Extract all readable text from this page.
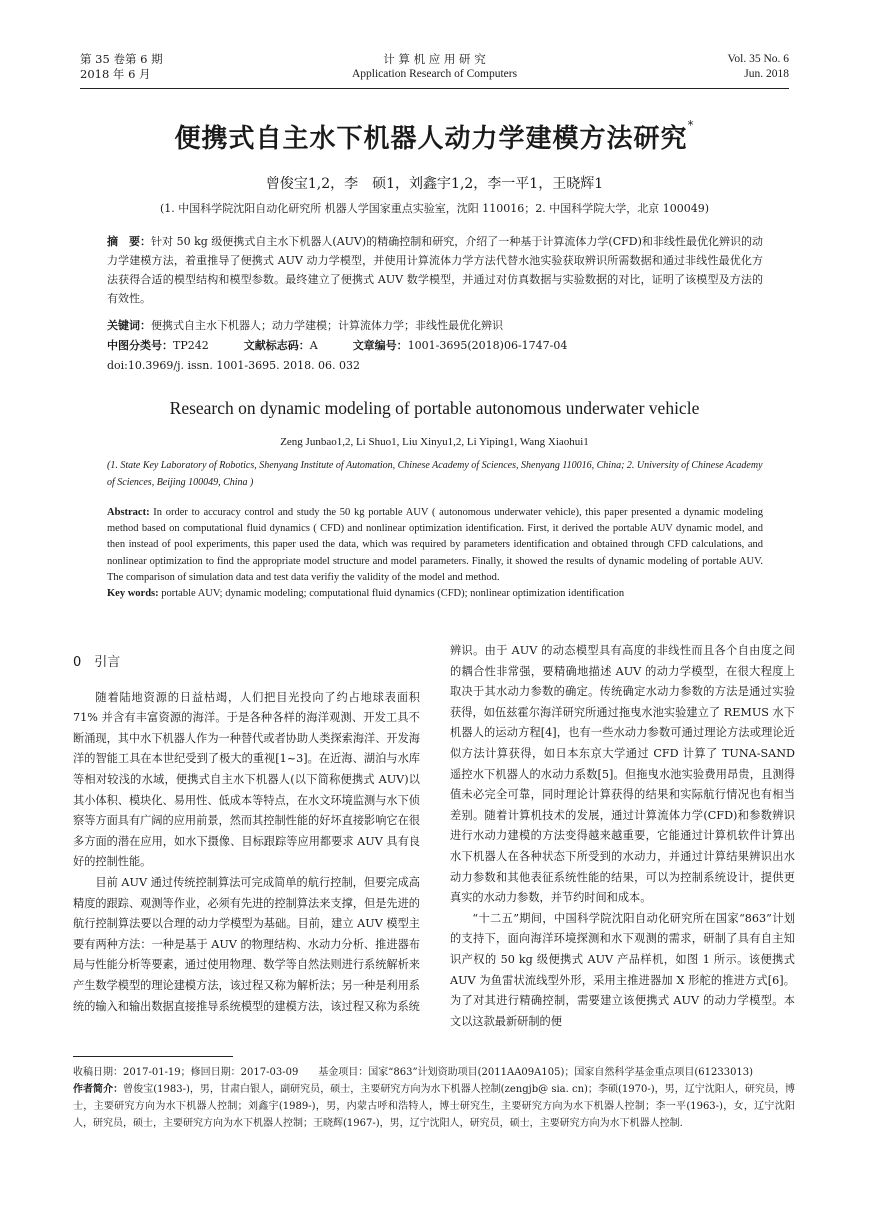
第 35 卷第 6 期
2018 年 6 月
计 算 机 应 用 研 究
Application Research of Computers
Vol. 35 No. 6
Jun. 2018
便携式自主水下机器人动力学建模方法研究*
曾俊宝1,2，李　硕1，刘鑫宇1,2，李一平1，王晓辉1
(1. 中国科学院沈阳自动化研究所 机器人学国家重点实验室，沈阳 110016；2. 中国科学院大学，北京 100049)
摘　要：针对 50 kg 级便携式自主水下机器人(AUV)的精确控制和研究，介绍了一种基于计算流体力学(CFD)和非线性最优化辨识的动力学建模方法，着重推导了便携式 AUV 动力学模型，并使用计算流体力学方法代替水池实验获取辨识所需数据和通过非线性最优化方法获得合适的模型结构和模型参数。最终建立了便携式 AUV 数学模型，并通过对仿真数据与实验数据的对比，证明了该模型及方法的有效性。
关键词：便携式自主水下机器人；动力学建模；计算流体力学；非线性最优化辨识
中图分类号：TP242	文献标志码：A	文章编号：1001-3695(2018)06-1747-04
doi:10.3969/j. issn. 1001-3695. 2018. 06. 032
Research on dynamic modeling of portable autonomous underwater vehicle
Zeng Junbao1,2, Li Shuo1, Liu Xinyu1,2, Li Yiping1, Wang Xiaohui1
(1. State Key Laboratory of Robotics, Shenyang Institute of Automation, Chinese Academy of Sciences, Shenyang 110016, China; 2. University of Chinese Academy of Sciences, Beijing 100049, China )
Abstract: In order to accuracy control and study the 50 kg portable AUV ( autonomous underwater vehicle), this paper presented a dynamic modeling method based on computational fluid dynamics ( CFD) and nonlinear optimization identification. First, it derived the portable AUV dynamic model, and then instead of pool experiments, this paper used the data, which was required by parameters identification and obtained through CFD calculations, and nonlinear optimization to find the appropriate model structure and model parameters. Finally, it showed the results of dynamic modeling of portable AUV. The comparison of simulation data and test data verifiy the validity of the model and method.
Key words: portable AUV; dynamic modeling; computational fluid dynamics (CFD); nonlinear optimization identification

0　引言

随着陆地资源的日益枯竭，人们把目光投向了约占地球表面积 71% 并含有丰富资源的海洋。于是各种各样的海洋观测、开发工具不断涌现，其中水下机器人作为一种替代或者协助人类探索海洋、开发海洋的智能工具在本世纪受到了极大的重视[1~3]。在近海、湖泊与水库等相对较浅的水域，便携式自主水下机器人(以下简称便携式 AUV)以其小体积、模块化、易用性、低成本等特点，在水文环境监测与水下侦察等方面具有广阔的应用前景，然而其控制性能的好坏直接影响它在很多方面的潜在应用，如水下摄像、目标跟踪等应用都要求 AUV 具有良好的控制性能。

目前 AUV 通过传统控制算法可完成简单的航行控制，但要完成高精度的跟踪、观测等作业，必须有先进的控制算法来支撑，但是先进的航行控制算法要以合理的动力学模型为基础。目前，建立 AUV 模型主要有两种方法：一种是基于 AUV 的物理结构、水动力分析、推进器布局与性能分析等要素，通过使用物理、数学等自然法则进行系统解析来产生数学模型的理论建模方法，该过程又称为解析法；另一种是利用系统的输入和输出数据直接推导系统模型的建模方法，该过程又称为系统

辨识。由于 AUV 的动态模型具有高度的非线性而且各个自由度之间的耦合性非常强，要精确地描述 AUV 的动力学模型，在很大程度上取决于其水动力参数的确定。传统确定水动力参数的方法是通过实验获得，如伍兹霍尔海洋研究所通过拖曳水池实验建立了 REMUS 水下机器人的运动方程[4]，也有一些水动力参数可通过理论方法或理论近似方法计算获得，如日本东京大学通过 CFD 计算了 TUNA-SAND 遥控水下机器人的水动力系数[5]。但拖曳水池实验费用昂贵，且测得值未必完全可靠，同时理论计算获得的结果和实际航行情况也有相当差别。随着计算机技术的发展，通过计算流体力学(CFD)和参数辨识进行水动力建模的方法变得越来越重要，它能通过计算机软件计算出水下机器人在各种状态下所受到的水动力，并通过计算结果辨识出水动力参数和其他表征系统性能的结果，可以为控制系统设计，提供更真实的水动力参数，并节约时间和成本。

“十二五”期间，中国科学院沈阳自动化研究所在国家“863”计划的支持下，面向海洋环境探测和水下观测的需求，研制了具有自主知识产权的 50 kg 级便携式 AUV 产品样机，如图 1 所示。该便携式 AUV 为鱼雷状流线型外形，采用主推进器加 X 形舵的推进方式[6]。为了对其进行精确控制，需要建立该便携式 AUV 的动力学模型。本文以这款最新研制的便

收稿日期：2017-01-19；修回日期：2017-03-09　　基金项目：国家“863”计划资助项目(2011AA09A105)；国家自然科学基金重点项目(61233013)
作者简介：曾俊宝(1983-)，男，甘肃白银人，副研究员，硕士，主要研究方向为水下机器人控制(zengjb@ sia. cn)；李硕(1970-)，男，辽宁沈阳人，研究员，博士，主要研究方向为水下机器人控制；刘鑫宇(1989-)，男，内蒙古呼和浩特人，博士研究生，主要研究方向为水下机器人控制；李一平(1963-)，女，辽宁沈阳人，研究员，硕士，主要研究方向为水下机器人控制；王晓辉(1967-)，男，辽宁沈阳人，研究员，硕士，主要研究方向为水下机器人控制.
